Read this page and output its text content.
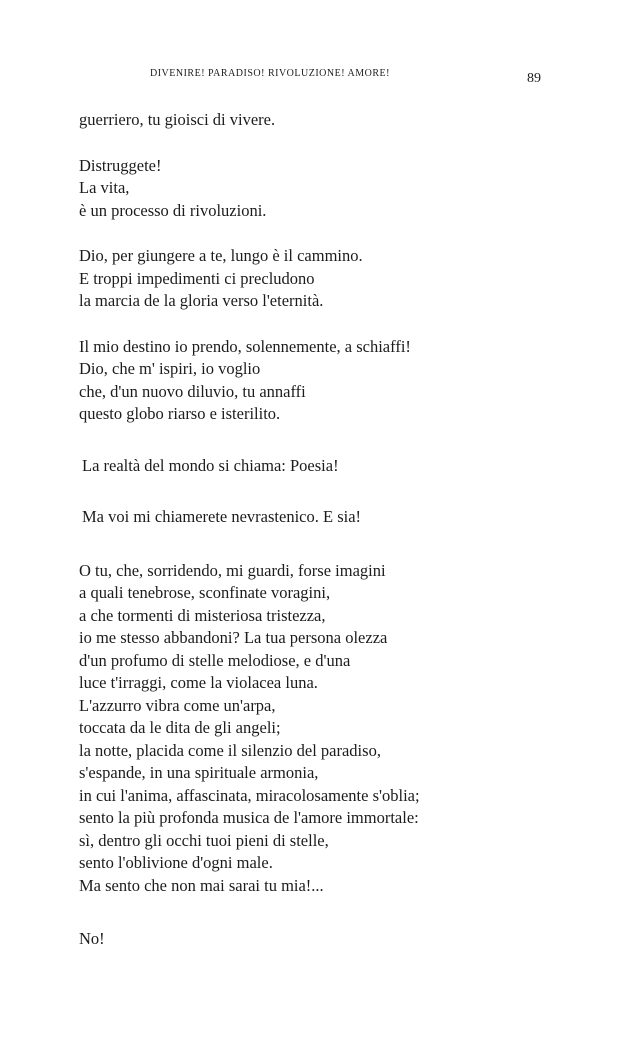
DIVENIRE! PARADISO! RIVOLUZIONE! AMORE!	89
guerriero, tu gioisci di vivere.
Distruggete!
La vita,
è un processo di rivoluzioni.
Dio, per giungere a te, lungo è il cammino.
E troppi impedimenti ci precludono
la marcia de la gloria verso l'eternità.
Il mio destino io prendo, solennemente, a schiaffi!
Dio, che m' ispiri, io voglio
che, d'un nuovo diluvio, tu annaffi
questo globo riarso e isterilito.
La realtà del mondo si chiama: Poesia!
Ma voi mi chiamerete nevrastenico. E sia!
O tu, che, sorridendo, mi guardi, forse imagini
a quali tenebrose, sconfinate voragini,
a che tormenti di misteriosa tristezza,
io me stesso abbandoni? La tua persona olezza
d'un profumo di stelle melodiose, e d'una
luce t'irraggi, come la violacea luna.
L'azzurro vibra come un'arpa,
toccata da le dita de gli angeli;
la notte, placida come il silenzio del paradiso,
s'espande, in una spirituale armonia,
in cui l'anima, affascinata, miracolosamente s'oblia;
sento la più profonda musica de l'amore immortale:
sì, dentro gli occhi tuoi pieni di stelle,
sento l'oblivione d'ogni male.
Ma sento che non mai sarai tu mia!...
No!
